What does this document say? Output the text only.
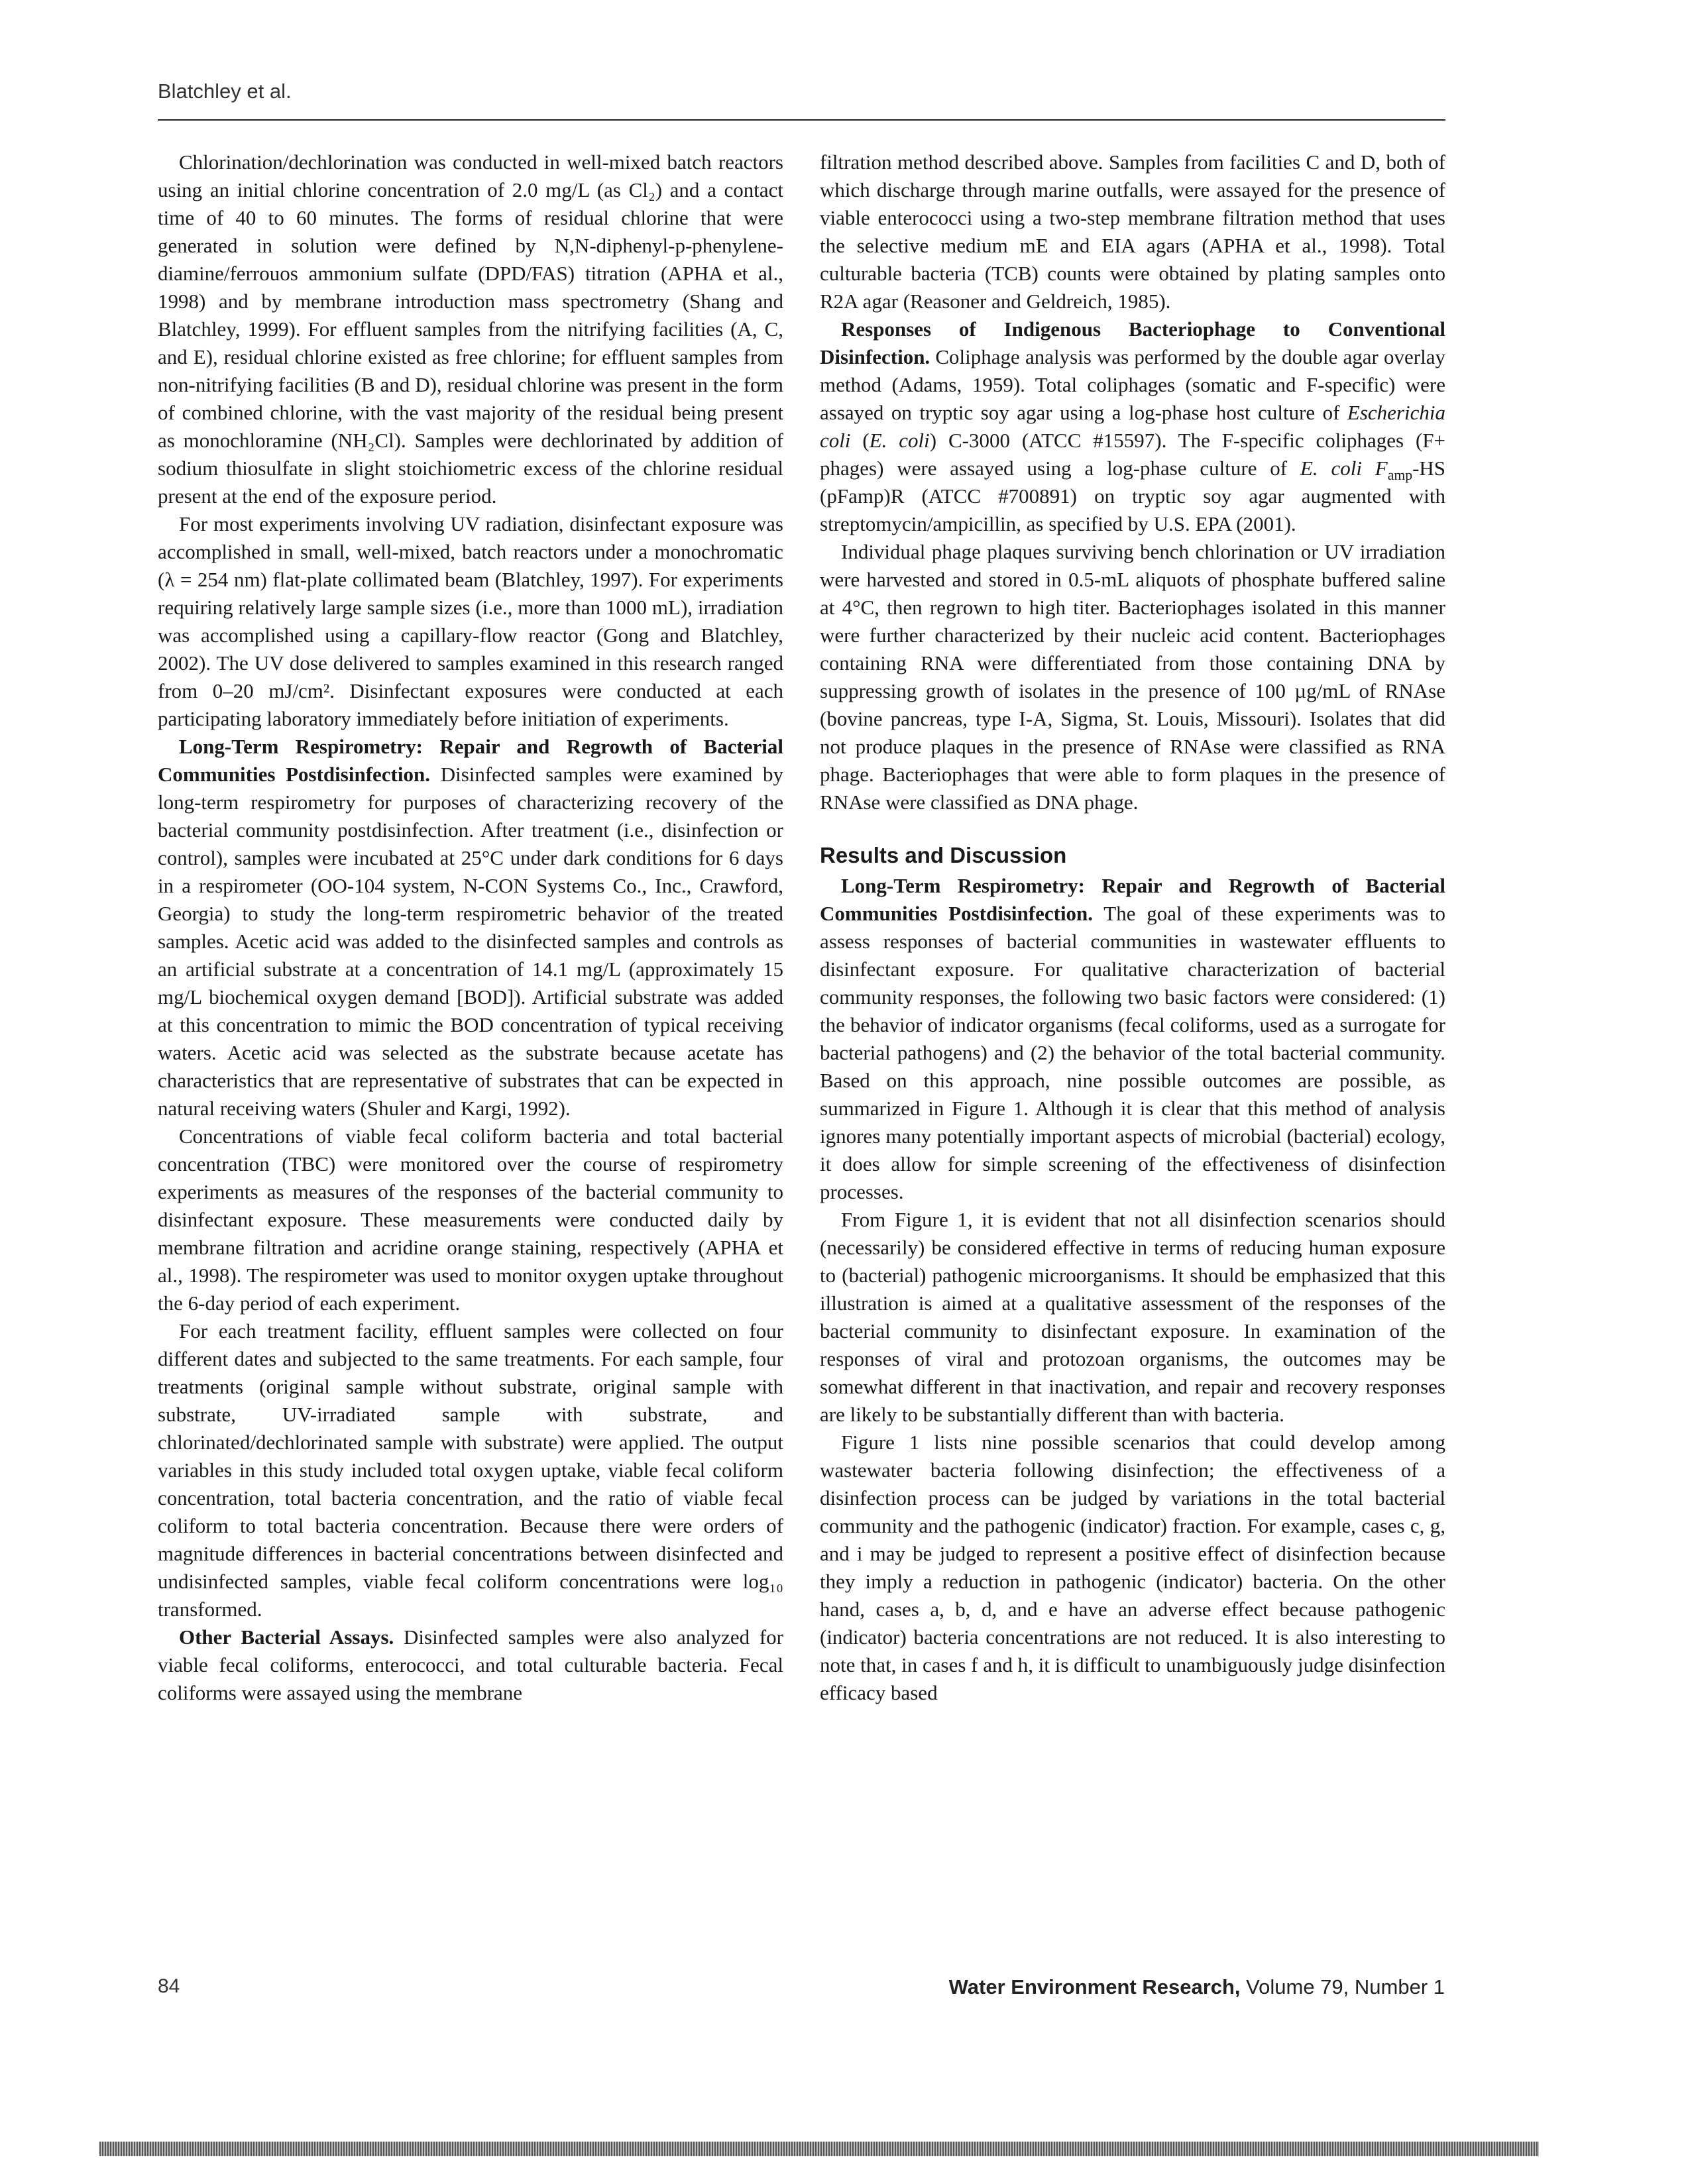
Blatchley et al.

Chlorination/dechlorination was conducted in well-mixed batch reactors using an initial chlorine concentration of 2.0 mg/L (as Cl₂) and a contact time of 40 to 60 minutes. The forms of residual chlorine that were generated in solution were defined by N,N-diphenyl-p-phenylene-diamine/ferrouos ammonium sulfate (DPD/FAS) titration (APHA et al., 1998) and by membrane introduction mass spectrometry (Shang and Blatchley, 1999). For effluent samples from the nitrifying facilities (A, C, and E), residual chlorine existed as free chlorine; for effluent samples from non-nitrifying facilities (B and D), residual chlorine was present in the form of combined chlorine, with the vast majority of the residual being present as monochloramine (NH₂Cl). Samples were dechlorinated by addition of sodium thiosulfate in slight stoichiometric excess of the chlorine residual present at the end of the exposure period.

For most experiments involving UV radiation, disinfectant exposure was accomplished in small, well-mixed, batch reactors under a monochromatic (λ = 254 nm) flat-plate collimated beam (Blatchley, 1997). For experiments requiring relatively large sample sizes (i.e., more than 1000 mL), irradiation was accomplished using a capillary-flow reactor (Gong and Blatchley, 2002). The UV dose delivered to samples examined in this research ranged from 0–20 mJ/cm². Disinfectant exposures were conducted at each participating laboratory immediately before initiation of experiments.

Long-Term Respirometry: Repair and Regrowth of Bacterial Communities Postdisinfection. Disinfected samples were examined by long-term respirometry for purposes of characterizing recovery of the bacterial community postdisinfection. After treatment (i.e., disinfection or control), samples were incubated at 25°C under dark conditions for 6 days in a respirometer (OO-104 system, N-CON Systems Co., Inc., Crawford, Georgia) to study the long-term respirometric behavior of the treated samples. Acetic acid was added to the disinfected samples and controls as an artificial substrate at a concentration of 14.1 mg/L (approximately 15 mg/L biochemical oxygen demand [BOD]). Artificial substrate was added at this concentration to mimic the BOD concentration of typical receiving waters. Acetic acid was selected as the substrate because acetate has characteristics that are representative of substrates that can be expected in natural receiving waters (Shuler and Kargi, 1992).

Concentrations of viable fecal coliform bacteria and total bacterial concentration (TBC) were monitored over the course of respirometry experiments as measures of the responses of the bacterial community to disinfectant exposure. These measurements were conducted daily by membrane filtration and acridine orange staining, respectively (APHA et al., 1998). The respirometer was used to monitor oxygen uptake throughout the 6-day period of each experiment.

For each treatment facility, effluent samples were collected on four different dates and subjected to the same treatments. For each sample, four treatments (original sample without substrate, original sample with substrate, UV-irradiated sample with substrate, and chlorinated/dechlorinated sample with substrate) were applied. The output variables in this study included total oxygen uptake, viable fecal coliform concentration, total bacteria concentration, and the ratio of viable fecal coliform to total bacteria concentration. Because there were orders of magnitude differences in bacterial concentrations between disinfected and undisinfected samples, viable fecal coliform concentrations were log₁₀ transformed.

Other Bacterial Assays. Disinfected samples were also analyzed for viable fecal coliforms, enterococci, and total culturable bacteria. Fecal coliforms were assayed using the membrane

filtration method described above. Samples from facilities C and D, both of which discharge through marine outfalls, were assayed for the presence of viable enterococci using a two-step membrane filtration method that uses the selective medium mE and EIA agars (APHA et al., 1998). Total culturable bacteria (TCB) counts were obtained by plating samples onto R2A agar (Reasoner and Geldreich, 1985).

Responses of Indigenous Bacteriophage to Conventional Disinfection. Coliphage analysis was performed by the double agar overlay method (Adams, 1959). Total coliphages (somatic and F-specific) were assayed on tryptic soy agar using a log-phase host culture of Escherichia coli (E. coli) C-3000 (ATCC #15597). The F-specific coliphages (F+ phages) were assayed using a log-phase culture of E. coli $F_{amp}-HS$ (pFamp)R (ATCC #700891) on tryptic soy agar augmented with streptomycin/ampicillin, as specified by U.S. EPA (2001).

Individual phage plaques surviving bench chlorination or UV irradiation were harvested and stored in 0.5-mL aliquots of phosphate buffered saline at 4°C, then regrown to high titer. Bacteriophages isolated in this manner were further characterized by their nucleic acid content. Bacteriophages containing RNA were differentiated from those containing DNA by suppressing growth of isolates in the presence of 100 µg/mL of RNAse (bovine pancreas, type I-A, Sigma, St. Louis, Missouri). Isolates that did not produce plaques in the presence of RNAse were classified as RNA phage. Bacteriophages that were able to form plaques in the presence of RNAse were classified as DNA phage.

Results and Discussion

Long-Term Respirometry: Repair and Regrowth of Bacterial Communities Postdisinfection. The goal of these experiments was to assess responses of bacterial communities in wastewater effluents to disinfectant exposure. For qualitative characterization of bacterial community responses, the following two basic factors were considered: (1) the behavior of indicator organisms (fecal coliforms, used as a surrogate for bacterial pathogens) and (2) the behavior of the total bacterial community. Based on this approach, nine possible outcomes are possible, as summarized in Figure 1. Although it is clear that this method of analysis ignores many potentially important aspects of microbial (bacterial) ecology, it does allow for simple screening of the effectiveness of disinfection processes.

From Figure 1, it is evident that not all disinfection scenarios should (necessarily) be considered effective in terms of reducing human exposure to (bacterial) pathogenic microorganisms. It should be emphasized that this illustration is aimed at a qualitative assessment of the responses of the bacterial community to disinfectant exposure. In examination of the responses of viral and protozoan organisms, the outcomes may be somewhat different in that inactivation, and repair and recovery responses are likely to be substantially different than with bacteria.

Figure 1 lists nine possible scenarios that could develop among wastewater bacteria following disinfection; the effectiveness of a disinfection process can be judged by variations in the total bacterial community and the pathogenic (indicator) fraction. For example, cases c, g, and i may be judged to represent a positive effect of disinfection because they imply a reduction in pathogenic (indicator) bacteria. On the other hand, cases a, b, d, and e have an adverse effect because pathogenic (indicator) bacteria concentrations are not reduced. It is also interesting to note that, in cases f and h, it is difficult to unambiguously judge disinfection efficacy based

84	Water Environment Research, Volume 79, Number 1
